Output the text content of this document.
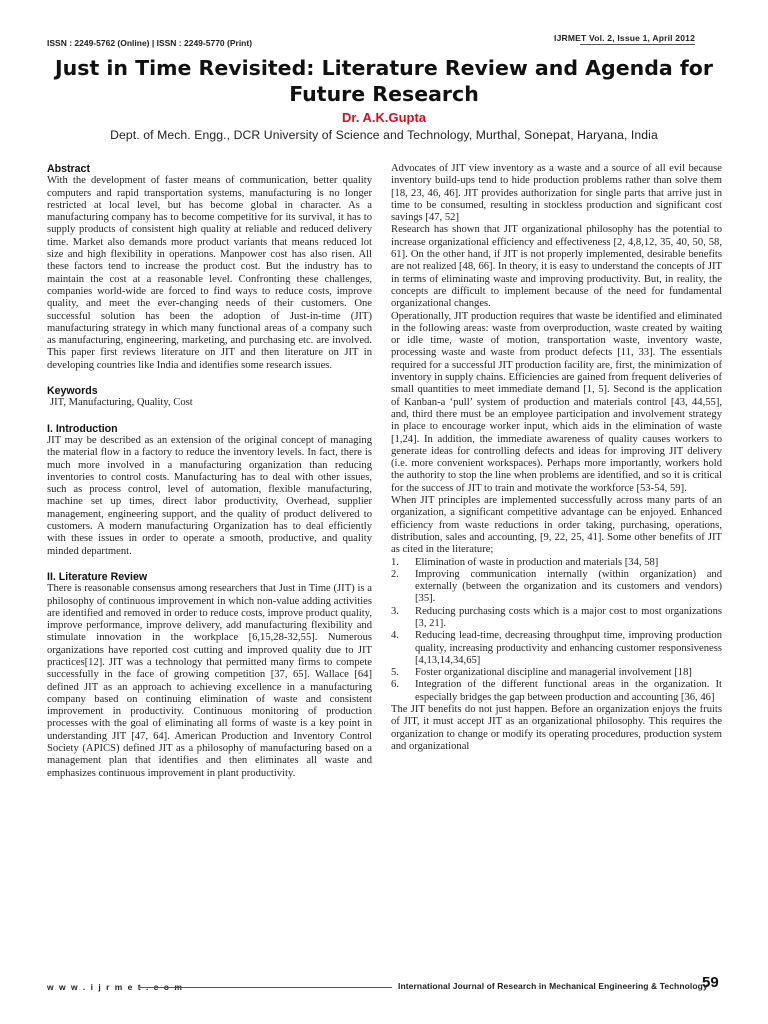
ISSN : 2249-5762 (Online) | ISSN : 2249-5770 (Print)	IJRMET Vol. 2, Issue 1, April 2012
Just in Time Revisited: Literature Review and Agenda for Future Research
Dr. A.K.Gupta
Dept. of Mech. Engg., DCR University of Science and Technology, Murthal, Sonepat, Haryana, India
Abstract

With the development of faster means of communication, better quality computers and rapid transportation systems, manufacturing is no longer restricted at local level, but has become global in character. As a manufacturing company has to become competitive for its survival, it has to supply products of consistent high quality at reliable and reduced delivery time. Market also demands more product variants that means reduced lot size and high flexibility in operations. Manpower cost has also risen. All these factors tend to increase the product cost. But the industry has to maintain the cost at a reasonable level. Confronting these challenges, companies world-wide are forced to find ways to reduce costs, improve quality, and meet the ever-changing needs of their customers. One successful solution has been the adoption of Just-in-time (JIT) manufacturing strategy in which many functional areas of a company such as manufacturing, engineering, marketing, and purchasing etc. are involved. This paper first reviews literature on JIT and then literature on JIT in developing countries like India and identifies some research issues.

Keywords

JIT, Manufacturing, Quality, Cost

I. Introduction

JIT may be described as an extension of the original concept of managing the material flow in a factory to reduce the inventory levels. In fact, there is much more involved in a manufacturing organization than reducing inventories to control costs. Manufacturing has to deal with other issues, such as process control, level of automation, flexible manufacturing, machine set up times, direct labor productivity, Overhead, supplier management, engineering support, and the quality of product delivered to customers. A modern manufacturing Organization has to deal efficiently with these issues in order to operate a smooth, productive, and quality minded department.

II. Literature Review

There is reasonable consensus among researchers that Just in Time (JIT) is a philosophy of continuous improvement in which non-value adding activities are identified and removed in order to reduce costs, improve product quality, improve performance, improve delivery, add manufacturing flexibility and stimulate innovation in the workplace [6,15,28-32,55]. Numerous organizations have reported cost cutting and improved quality due to JIT practices[12]. JIT was a technology that permitted many firms to compete successfully in the face of growing competition [37, 65]. Wallace [64] defined JIT as an approach to achieving excellence in a manufacturing company based on continuing elimination of waste and consistent improvement in productivity. Continuous monitoring of production processes with the goal of eliminating all forms of waste is a key point in understanding JIT [47, 64]. American Production and Inventory Control Society (APICS) defined JIT as a philosophy of manufacturing based on a management plan that identifies and then eliminates all waste and emphasizes continuous improvement in plant productivity.

Advocates of JIT view inventory as a waste and a source of all evil because inventory build-ups tend to hide production problems rather than solve them [18, 23, 46, 46]. JIT provides authorization for single parts that arrive just in time to be consumed, resulting in stockless production and significant cost savings [47, 52]

Research has shown that JIT organizational philosophy has the potential to increase organizational efficiency and effectiveness [2, 4,8,12, 35, 40, 50, 58, 61]. On the other hand, if JIT is not properly implemented, desirable benefits are not realized [48, 66]. In theory, it is easy to understand the concepts of JIT in terms of eliminating waste and improving productivity. But, in reality, the concepts are difficult to implement because of the need for fundamental organizational changes.

Operationally, JIT production requires that waste be identified and eliminated in the following areas: waste from overproduction, waste created by waiting or idle time, waste of motion, transportation waste, inventory waste, processing waste and waste from product defects [11, 33]. The essentials required for a successful JIT production facility are, first, the minimization of inventory in supply chains. Efficiencies are gained from frequent deliveries of small quantities to meet immediate demand [1, 5]. Second is the application of Kanban-a ‘pull’ system of production and materials control [43, 44,55], and, third there must be an employee participation and involvement strategy in place to encourage worker input, which aids in the elimination of waste [1,24]. In addition, the immediate awareness of quality causes workers to generate ideas for controlling defects and ideas for improving JIT delivery (i.e. more convenient workspaces). Perhaps more importantly, workers hold the authority to stop the line when problems are identified, and so it is critical for the success of JIT to train and motivate the workforce [53-54, 59].

When JIT principles are implemented successfully across many parts of an organization, a significant competitive advantage can be enjoyed. Enhanced efficiency from waste reductions in order taking, purchasing, operations, distribution, sales and accounting, [9, 22, 25, 41]. Some other benefits of JIT as cited in the literature;

1. Elimination of waste in production and materials [34, 58]
2. Improving communication internally (within organization) and externally (between the organization and its customers and vendors) [35].
3. Reducing purchasing costs which is a major cost to most organizations [3, 21].
4. Reducing lead-time, decreasing throughput time, improving production quality, increasing productivity and enhancing customer responsiveness [4,13,14,34,65]
5. Foster organizational discipline and managerial involvement [18]
6. Integration of the different functional areas in the organization. It especially bridges the gap between production and accounting [36, 46]

The JIT benefits do not just happen. Before an organization enjoys the fruits of JIT, it must accept JIT as an organizational philosophy. This requires the organization to change or modify its operating procedures, production system and organizational

w w w . i j r m e t . c o m	International Journal of Research in Mechanical Engineering & Technology
59
